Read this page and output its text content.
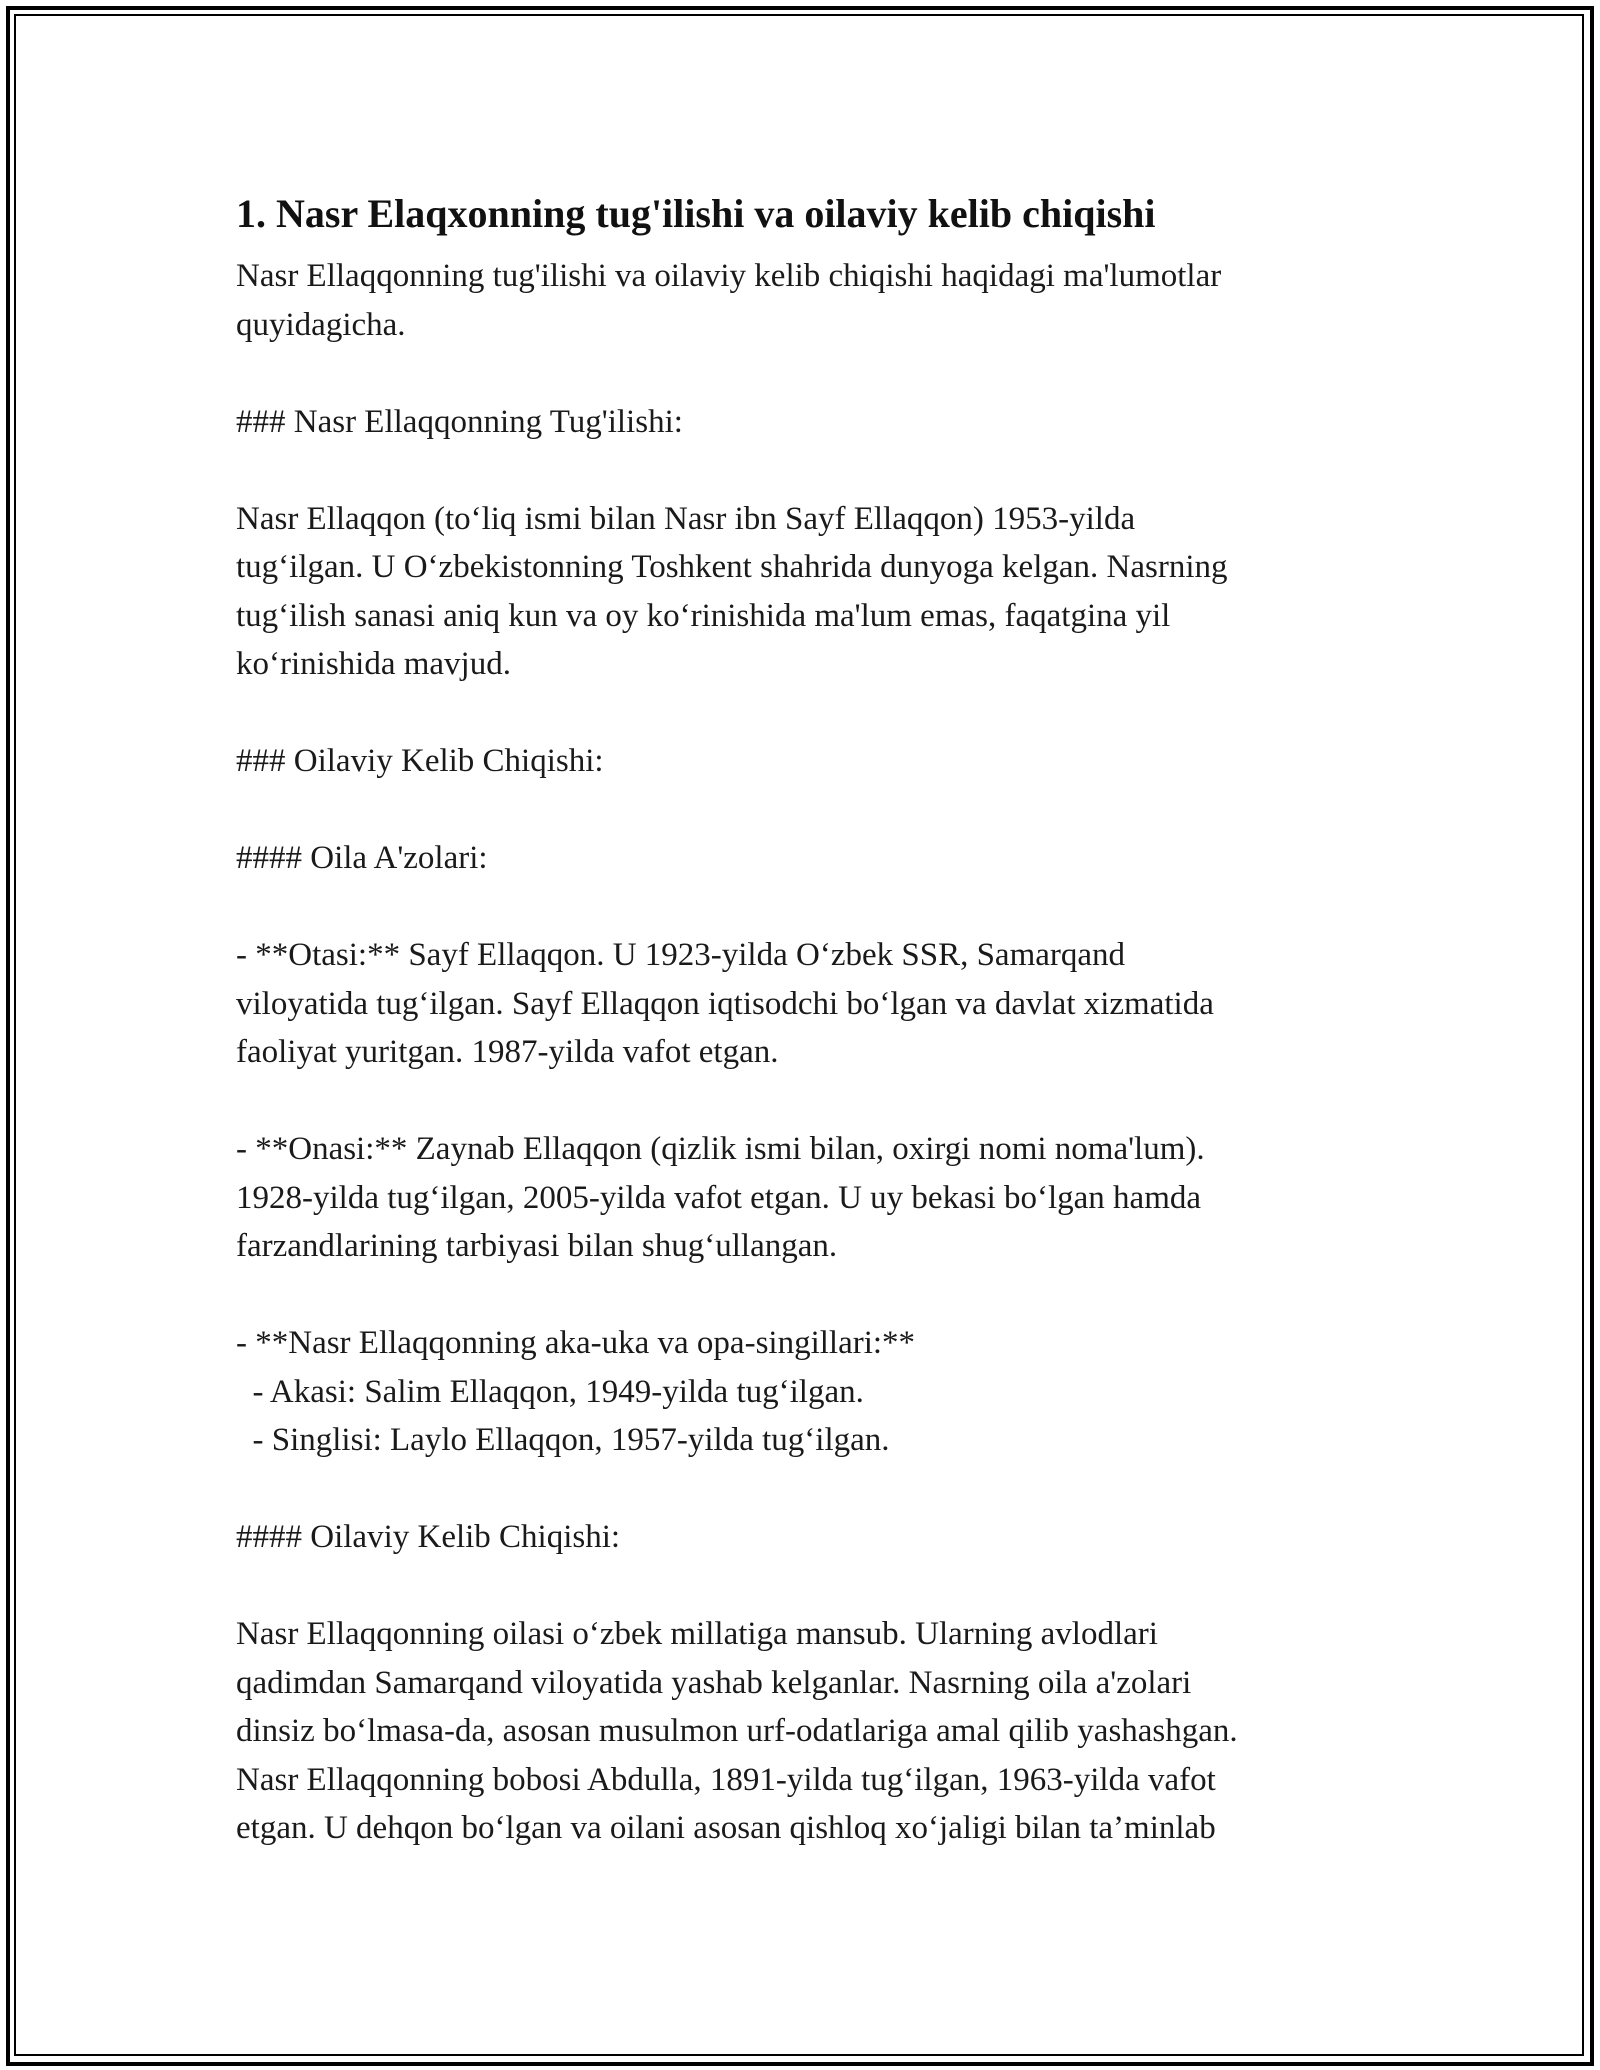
1. Nasr Elaqxonning tug'ilishi va oilaviy kelib chiqishi

Nasr Ellaqqonning tug'ilishi va oilaviy kelib chiqishi haqidagi ma'lumotlar
quyidagicha.

### Nasr Ellaqqonning Tug'ilishi:

Nasr Ellaqqon (to‘liq ismi bilan Nasr ibn Sayf Ellaqqon) 1953-yilda
tug‘ilgan. U O‘zbekistonning Toshkent shahrida dunyoga kelgan. Nasrning
tug‘ilish sanasi aniq kun va oy ko‘rinishida ma'lum emas, faqatgina yil
ko‘rinishida mavjud.

### Oilaviy Kelib Chiqishi:

#### Oila A'zolari:

- **Otasi:** Sayf Ellaqqon. U 1923-yilda O‘zbek SSR, Samarqand
viloyatida tug‘ilgan. Sayf Ellaqqon iqtisodchi bo‘lgan va davlat xizmatida
faoliyat yuritgan. 1987-yilda vafot etgan.

- **Onasi:** Zaynab Ellaqqon (qizlik ismi bilan, oxirgi nomi noma'lum).
1928-yilda tug‘ilgan, 2005-yilda vafot etgan. U uy bekasi bo‘lgan hamda
farzandlarining tarbiyasi bilan shug‘ullangan.

- **Nasr Ellaqqonning aka-uka va opa-singillari:**
- Akasi: Salim Ellaqqon, 1949-yilda tug‘ilgan.
- Singlisi: Laylo Ellaqqon, 1957-yilda tug‘ilgan.

#### Oilaviy Kelib Chiqishi:

Nasr Ellaqqonning oilasi o‘zbek millatiga mansub. Ularning avlodlari
qadimdan Samarqand viloyatida yashab kelganlar. Nasrning oila a'zolari
dinsiz bo‘lmasa-da, asosan musulmon urf-odatlariga amal qilib yashashgan.
Nasr Ellaqqonning bobosi Abdulla, 1891-yilda tug‘ilgan, 1963-yilda vafot
etgan. U dehqon bo‘lgan va oilani asosan qishloq xo‘jaligi bilan ta’minlab
